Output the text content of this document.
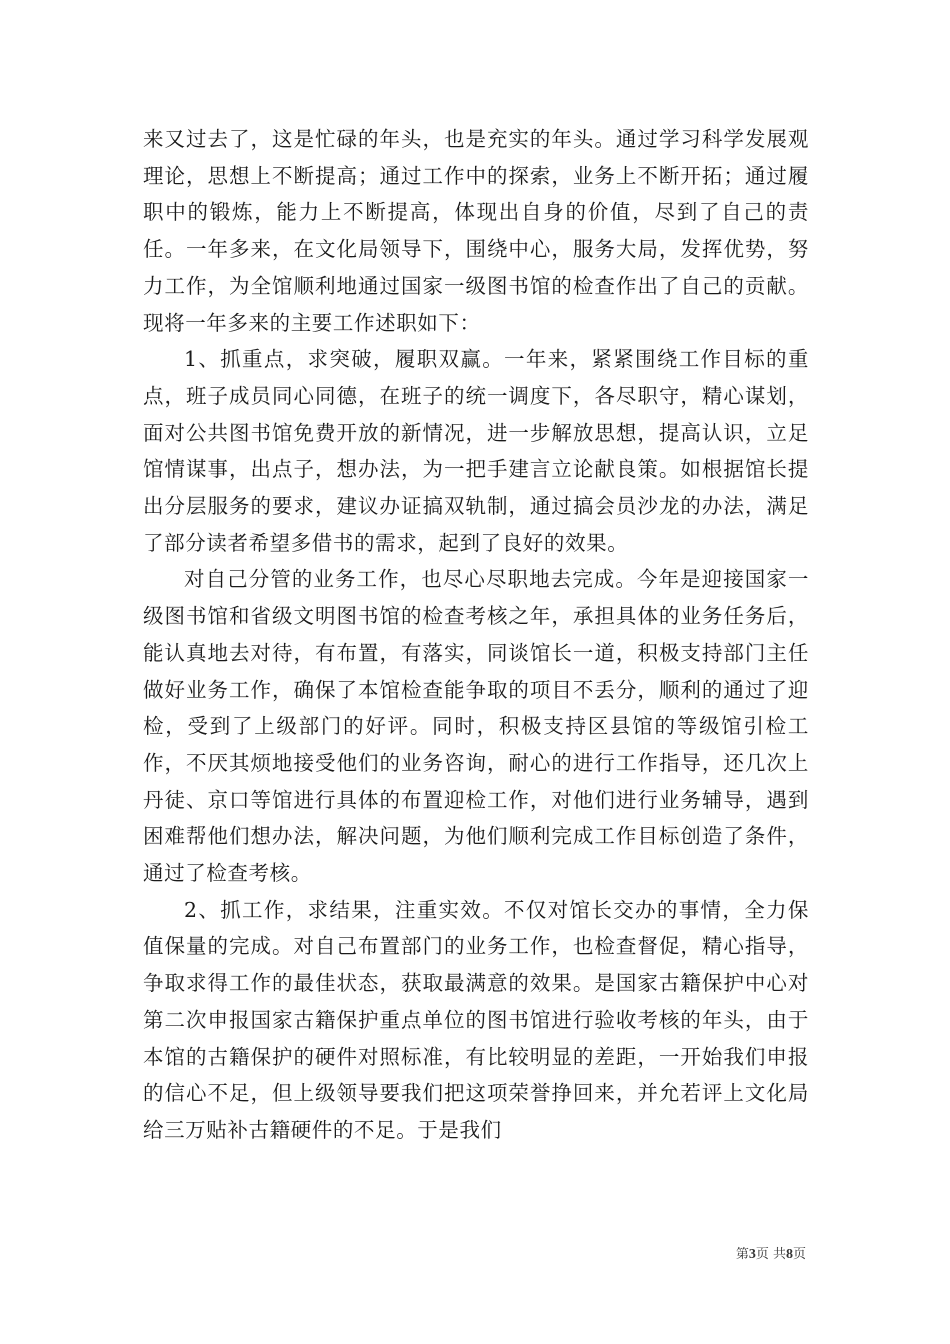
来又过去了，这是忙碌的年头，也是充实的年头。通过学习科学发展观理论，思想上不断提高；通过工作中的探索，业务上不断开拓；通过履职中的锻炼，能力上不断提高，体现出自身的价值，尽到了自己的责任。一年多来，在文化局领导下，围绕中心，服务大局，发挥优势，努力工作，为全馆顺利地通过国家一级图书馆的检查作出了自己的贡献。现将一年多来的主要工作述职如下：

1、抓重点，求突破，履职双赢。一年来，紧紧围绕工作目标的重点，班子成员同心同德，在班子的统一调度下，各尽职守，精心谋划，面对公共图书馆免费开放的新情况，进一步解放思想，提高认识，立足馆情谋事，出点子，想办法，为一把手建言立论献良策。如根据馆长提出分层服务的要求，建议办证搞双轨制，通过搞会员沙龙的办法，满足了部分读者希望多借书的需求，起到了良好的效果。

对自己分管的业务工作，也尽心尽职地去完成。今年是迎接国家一级图书馆和省级文明图书馆的检查考核之年，承担具体的业务任务后，能认真地去对待，有布置，有落实，同谈馆长一道，积极支持部门主任做好业务工作，确保了本馆检查能争取的项目不丢分，顺利的通过了迎检，受到了上级部门的好评。同时，积极支持区县馆的等级馆引检工作，不厌其烦地接受他们的业务咨询，耐心的进行工作指导，还几次上丹徒、京口等馆进行具体的布置迎检工作，对他们进行业务辅导，遇到困难帮他们想办法，解决问题，为他们顺利完成工作目标创造了条件，通过了检查考核。

2、抓工作，求结果，注重实效。不仅对馆长交办的事情，全力保值保量的完成。对自己布置部门的业务工作，也检查督促，精心指导，争取求得工作的最佳状态，获取最满意的效果。是国家古籍保护中心对第二次申报国家古籍保护重点单位的图书馆进行验收考核的年头，由于本馆的古籍保护的硬件对照标准，有比较明显的差距，一开始我们申报的信心不足，但上级领导要我们把这项荣誉挣回来，并允若评上文化局给三万贴补古籍硬件的不足。于是我们

第3页 共8页
